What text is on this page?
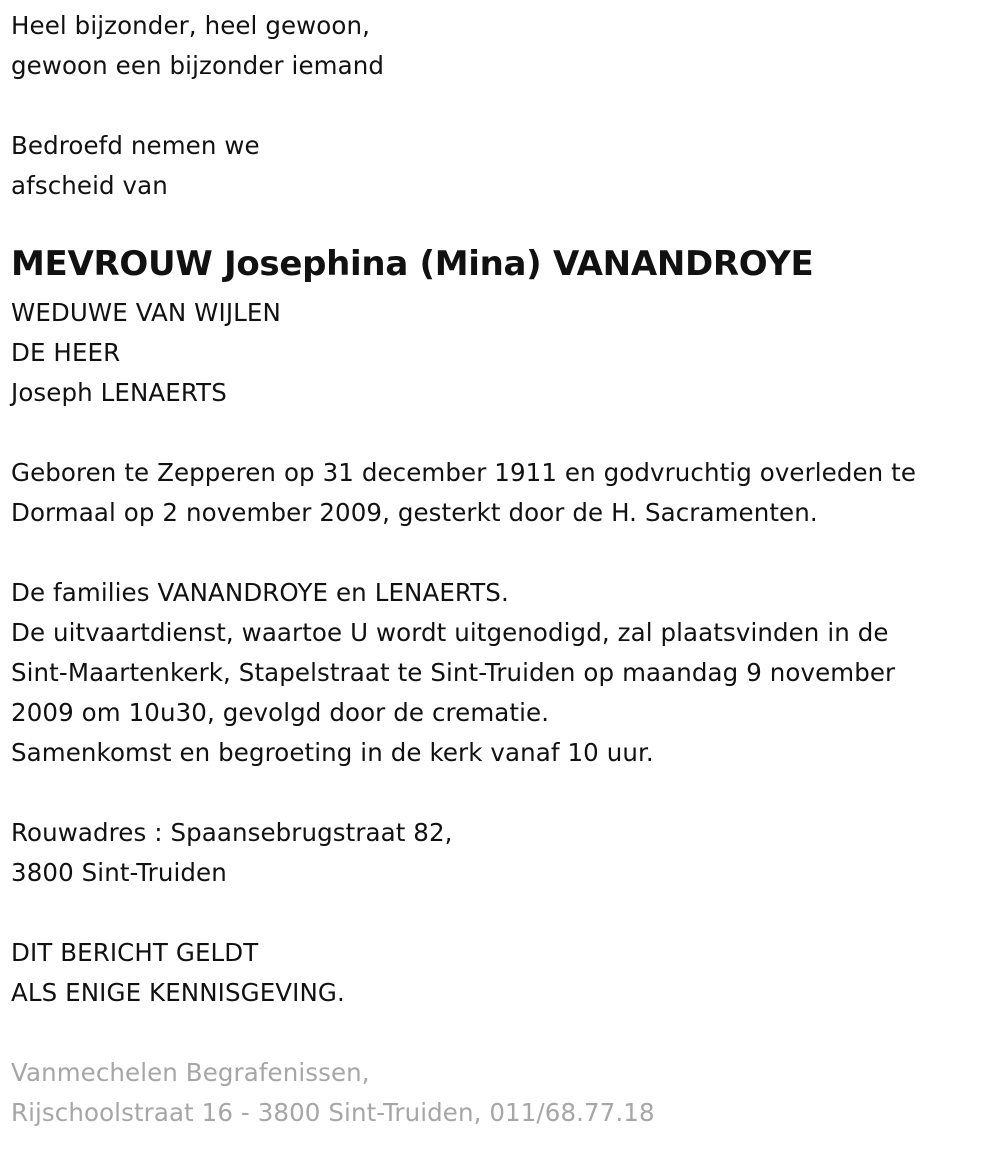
Heel bijzonder, heel gewoon,
gewoon een bijzonder iemand
Bedroefd nemen we
afscheid van
MEVROUW Josephina (Mina) VANANDROYE
WEDUWE VAN WIJLEN
DE HEER
Joseph LENAERTS
Geboren te Zepperen op 31 december 1911 en godvruchtig overleden te
Dormaal op 2 november 2009, gesterkt door de H. Sacramenten.
De families VANANDROYE en LENAERTS.
De uitvaartdienst, waartoe U wordt uitgenodigd, zal plaatsvinden in de
Sint-Maartenkerk, Stapelstraat te Sint-Truiden op maandag 9 november
2009 om 10u30, gevolgd door de crematie.
Samenkomst en begroeting in de kerk vanaf 10 uur.
Rouwadres : Spaansebrugstraat 82,
3800 Sint-Truiden
DIT BERICHT GELDT
ALS ENIGE KENNISGEVING.
Vanmechelen Begrafenissen,
Rijschoolstraat 16 - 3800 Sint-Truiden, 011/68.77.18
